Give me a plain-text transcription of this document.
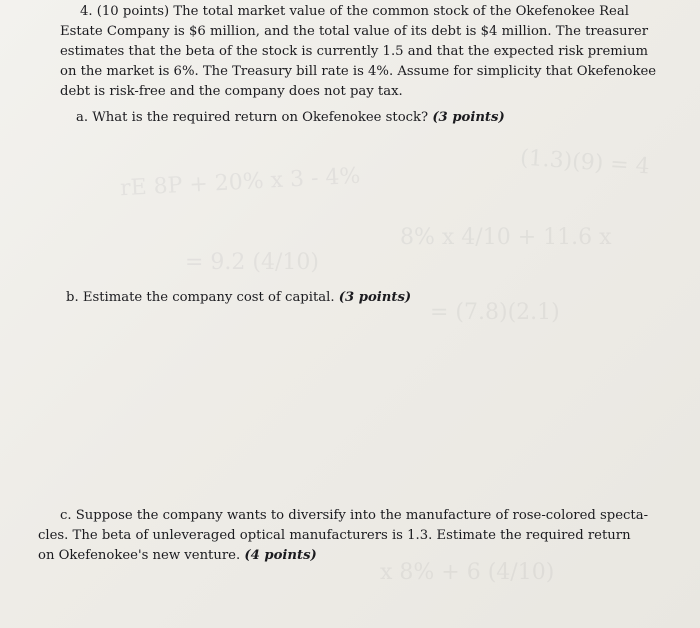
rE 8P + 20% x 3 - 4%
(1.3)(9) = 4
8% x 4/10 + 11.6 x
= 9.2 (4/10)
= (7.8)(2.1)
x 8% + 6 (4/10)

4. (10 points) The total market value of the common stock of the Okefenokee Real
Estate Company is $6 million, and the total value of its debt is $4 million. The treasurer
estimates that the beta of the stock is currently 1.5 and that the expected risk premium
on the market is 6%. The Treasury bill rate is 4%. Assume for simplicity that Okefenokee
debt is risk-free and the company does not pay tax.

a. What is the required return on Okefenokee stock? (3 points)

b. Estimate the company cost of capital. (3 points)

c. Suppose the company wants to diversify into the manufacture of rose-colored specta-
cles. The beta of unleveraged optical manufacturers is 1.3. Estimate the required return
on Okefenokee's new venture. (4 points)
